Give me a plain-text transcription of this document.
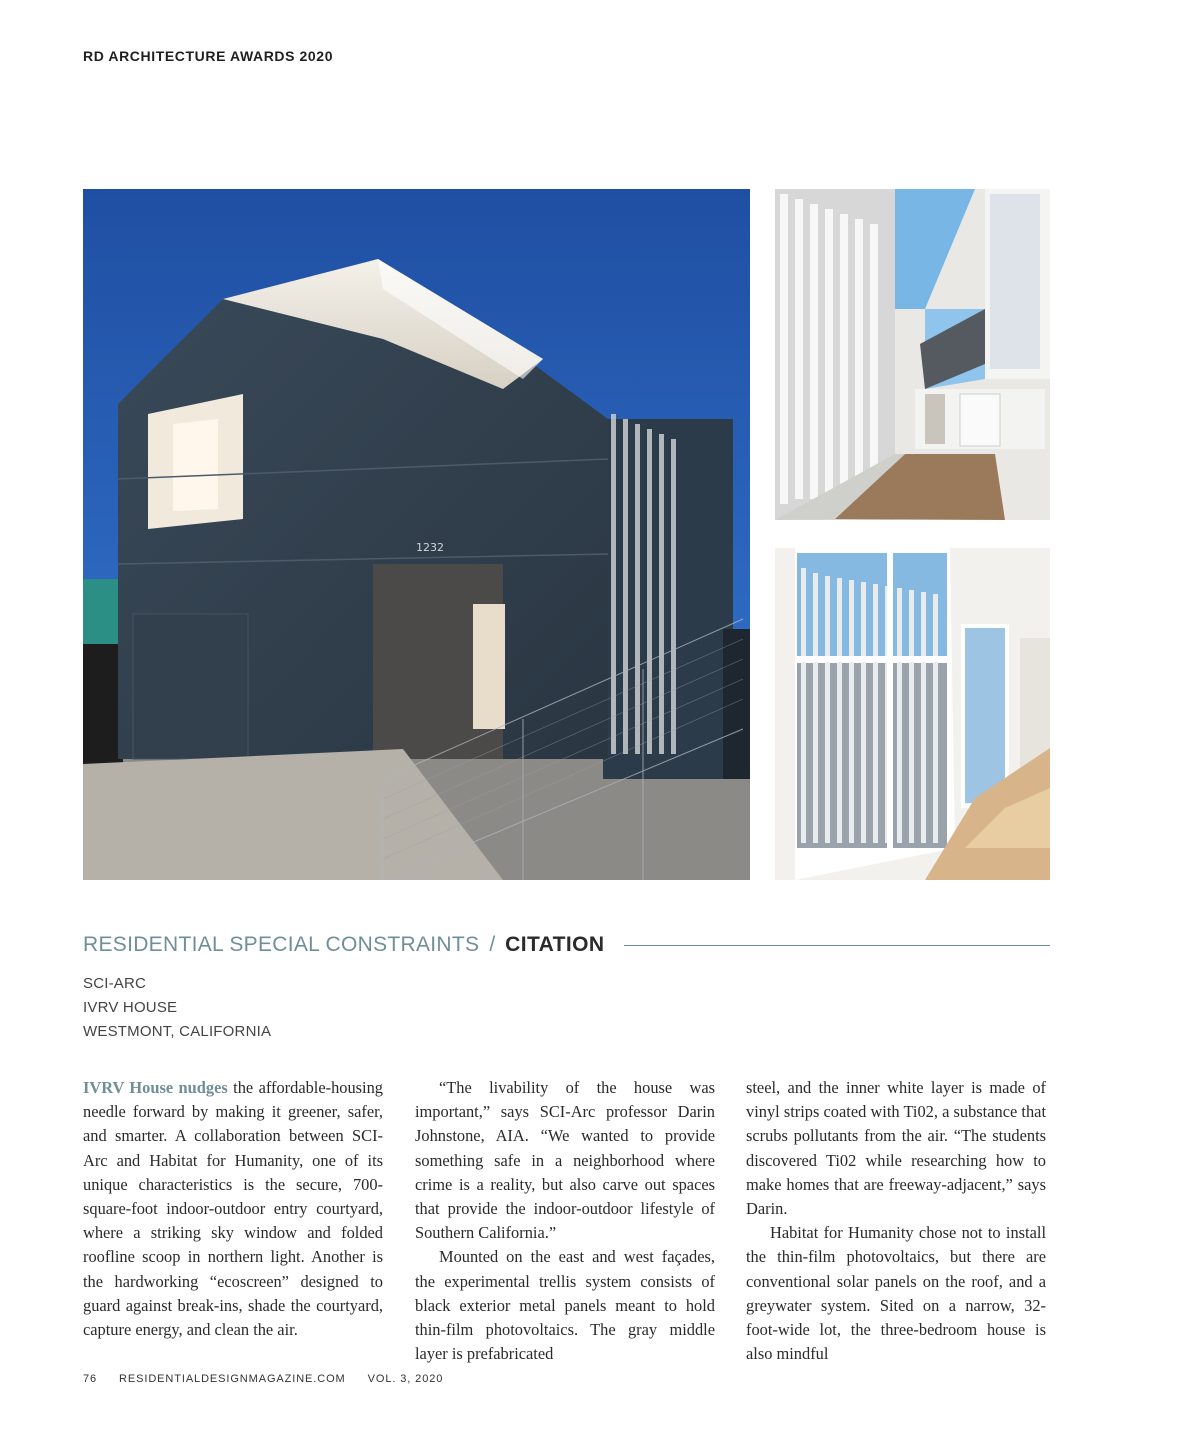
RD ARCHITECTURE AWARDS 2020
1232
RESIDENTIAL SPECIAL CONSTRAINTS / CITATION
SCI-ARC
IVRV HOUSE
WESTMONT, CALIFORNIA

IVRV House nudges the affordable-housing needle forward by making it greener, safer, and smarter. A collaboration between SCI-Arc and Habitat for Humanity, one of its unique characteristics is the secure, 700-square-foot indoor-outdoor entry courtyard, where a striking sky window and folded roofline scoop in northern light. Another is the hardworking “ecoscreen” designed to guard against break-ins, shade the courtyard, capture energy, and clean the air.

“The livability of the house was important,” says SCI-Arc professor Darin Johnstone, AIA. “We wanted to provide something safe in a neighborhood where crime is a reality, but also carve out spaces that provide the indoor-outdoor lifestyle of Southern California.”

Mounted on the east and west façades, the experimental trellis system consists of black exterior metal panels meant to hold thin-film photovoltaics. The gray middle layer is prefabricated

steel, and the inner white layer is made of vinyl strips coated with Ti02, a substance that scrubs pollutants from the air. “The students discovered Ti02 while researching how to make homes that are freeway-adjacent,” says Darin.

Habitat for Humanity chose not to install the thin-film photovoltaics, but there are conventional solar panels on the roof, and a greywater system. Sited on a narrow, 32-foot-wide lot, the three-bedroom house is also mindful

76 RESIDENTIALDESIGNMAGAZINE.COM VOL. 3, 2020
